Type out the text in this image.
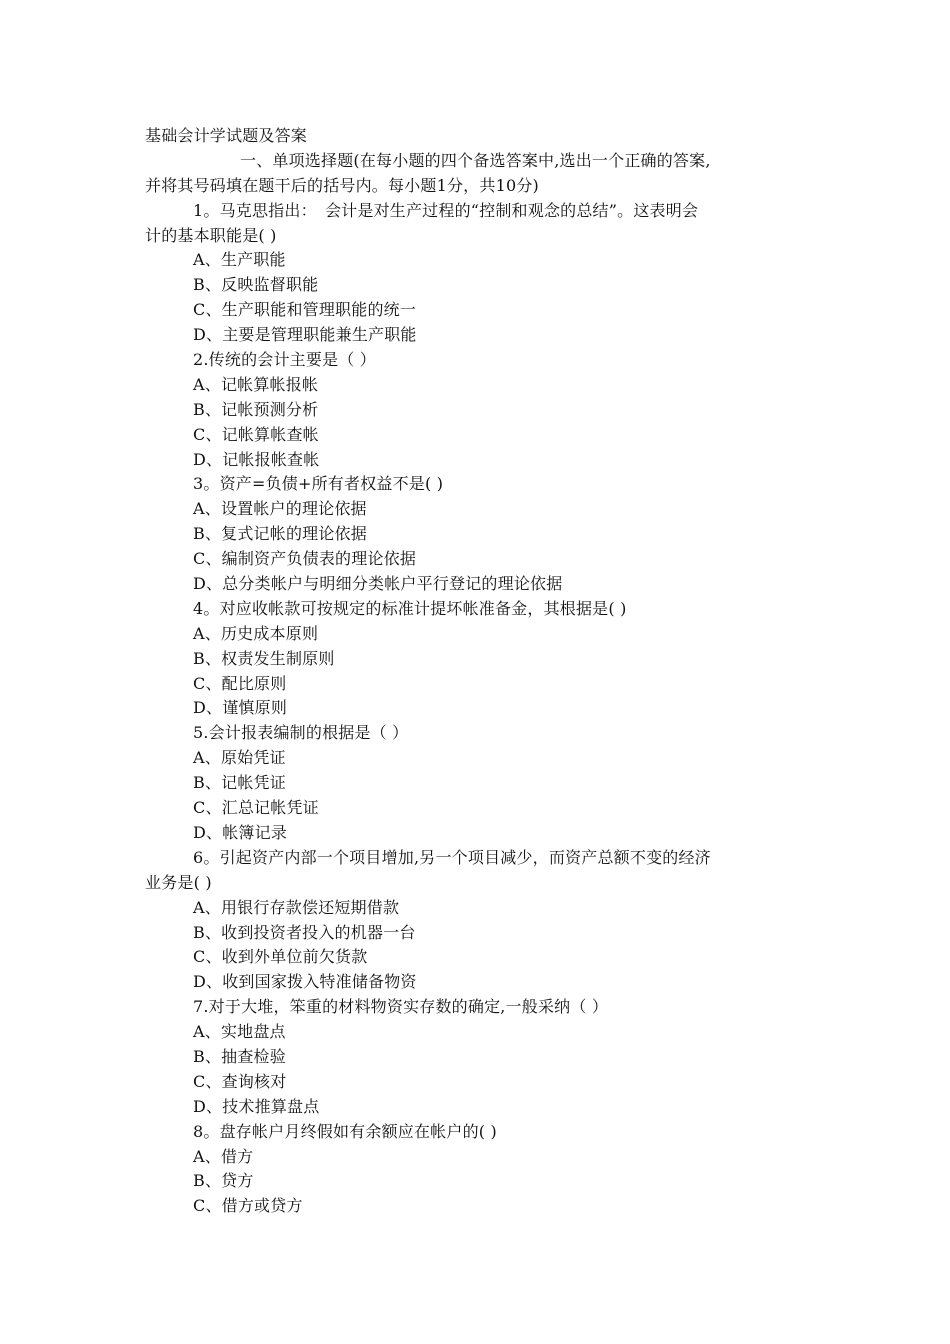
基础会计学试题及答案
一、单项选择题(在每小题的四个备选答案中,选出一个正确的答案,
并将其号码填在题干后的括号内。每小题1分，共10分)
1。马克思指出：　会计是对生产过程的“控制和观念的总结”。这表明会
计的基本职能是( )
A、生产职能
B、反映监督职能
C、生产职能和管理职能的统一
D、主要是管理职能兼生产职能
2.传统的会计主要是（ ）
A、记帐算帐报帐
B、记帐预测分析
C、记帐算帐查帐
D、记帐报帐查帐
3。资产=负债+所有者权益不是( )
A、设置帐户的理论依据
B、复式记帐的理论依据
C、编制资产负债表的理论依据
D、总分类帐户与明细分类帐户平行登记的理论依据
4。对应收帐款可按规定的标准计提坏帐准备金，其根据是( )
A、历史成本原则
B、权责发生制原则
C、配比原则
D、谨慎原则
5.会计报表编制的根据是（ ）
A、原始凭证
B、记帐凭证
C、汇总记帐凭证
D、帐簿记录
6。引起资产内部一个项目增加,另一个项目减少，而资产总额不变的经济
业务是( )
A、用银行存款偿还短期借款
B、收到投资者投入的机器一台
C、收到外单位前欠货款
D、收到国家拨入特准储备物资
7.对于大堆，笨重的材料物资实存数的确定,一般采纳（ ）
A、实地盘点
B、抽查检验
C、查询核对
D、技术推算盘点
8。盘存帐户月终假如有余额应在帐户的( )
A、借方
B、贷方
C、借方或贷方
